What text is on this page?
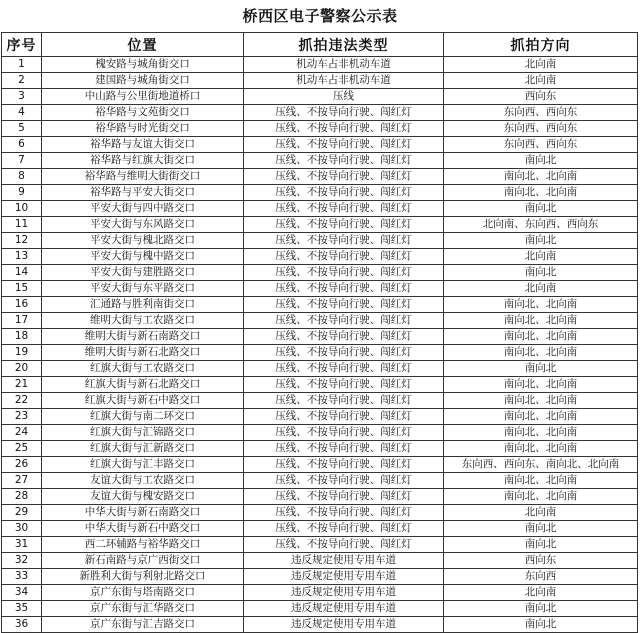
桥西区电子警察公示表
序号	位置	抓拍违法类型	抓拍方向
1	槐安路与城角街交口	机动车占非机动车道	北向南
2	建国路与城角街交口	机动车占非机动车道	北向南
3	中山路与公里街地道桥口	压线	西向东
4	裕华路与文苑街交口	压线、不按导向行驶、闯红灯	东向西、西向东
5	裕华路与时光街交口	压线、不按导向行驶、闯红灯	东向西、西向东
6	裕华路与友谊大街交口	压线、不按导向行驶、闯红灯	东向西、西向东
7	裕华路与红旗大街交口	压线、不按导向行驶、闯红灯	南向北
8	裕华路与维明大街街交口	压线、不按导向行驶、闯红灯	南向北、北向南
9	裕华路与平安大街交口	压线、不按导向行驶、闯红灯	南向北、北向南
10	平安大街与四中路交口	压线、不按导向行驶、闯红灯	南向北
11	平安大街与东风路交口	压线、不按导向行驶、闯红灯	北向南、东向西、西向东
12	平安大街与槐北路交口	压线、不按导向行驶、闯红灯	南向北
13	平安大街与槐中路交口	压线、不按导向行驶、闯红灯	北向南
14	平安大街与建胜路交口	压线、不按导向行驶、闯红灯	南向北
15	平安大街与东平路交口	压线、不按导向行驶、闯红灯	北向南
16	汇通路与胜利南街交口	压线、不按导向行驶、闯红灯	南向北、北向南
17	维明大街与工农路交口	压线、不按导向行驶、闯红灯	南向北、北向南
18	维明大街与新石南路交口	压线、不按导向行驶、闯红灯	南向北、北向南
19	维明大街与新石北路交口	压线、不按导向行驶、闯红灯	南向北、北向南
20	红旗大街与工农路交口	压线、不按导向行驶、闯红灯	南向北
21	红旗大街与新石北路交口	压线、不按导向行驶、闯红灯	南向北、北向南
22	红旗大街与新石中路交口	压线、不按导向行驶、闯红灯	南向北、北向南
23	红旗大街与南二环交口	压线、不按导向行驶、闯红灯	南向北、北向南
24	红旗大街与汇锦路交口	压线、不按导向行驶、闯红灯	南向北、北向南
25	红旗大街与汇新路交口	压线、不按导向行驶、闯红灯	南向北、北向南
26	红旗大街与汇丰路交口	压线、不按导向行驶、闯红灯	东向西、西向东、南向北、北向南
27	友谊大街与工农路交口	压线、不按导向行驶、闯红灯	南向北、北向南
28	友谊大街与槐安路交口	压线、不按导向行驶、闯红灯	南向北、北向南
29	中华大街与新石南路交口	压线、不按导向行驶、闯红灯	北向南
30	中华大街与新石中路交口	压线、不按导向行驶、闯红灯	南向北
31	西二环辅路与裕华路交口	压线、不按导向行驶、闯红灯	南向北
32	新石南路与京广西街交口	违反规定使用专用车道	西向东
33	新胜利大街与利射北路交口	违反规定使用专用车道	东向西
34	京广东街与塔南路交口	违反规定使用专用车道	北向南
35	京广东街与汇华路交口	违反规定使用专用车道	南向北
36	京广东街与汇吉路交口	违反规定使用专用车道	南向北
